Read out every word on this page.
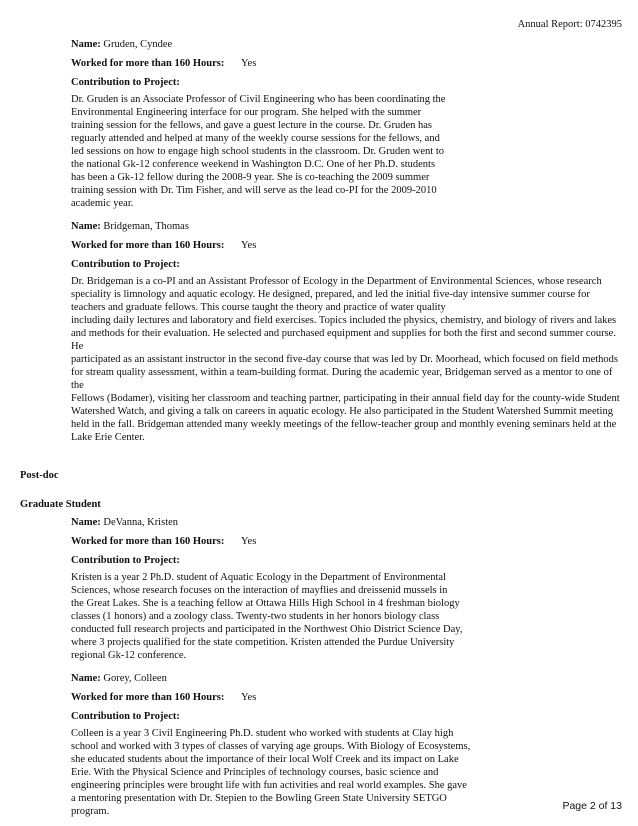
Annual Report: 0742395
Name: Gruden, Cyndee
Worked for more than 160 Hours:	Yes
Contribution to Project:
Dr. Gruden is an Associate Professor of Civil Engineering who has been coordinating the
Environmental Engineering interface for our program. She helped with the summer
training session for the fellows, and gave a guest lecture in the course. Dr. Gruden has
reguarly attended and helped at many of the weekly course sessions for the fellows, and
led sessions on how to engage high school students in the classroom. Dr. Gruden went to
the national Gk-12 conference weekend in Washington D.C. One of her Ph.D. students
has been a Gk-12 fellow during the 2008-9 year. She is co-teaching the 2009 summer
training session with Dr. Tim Fisher, and will serve as the lead co-PI for the 2009-2010
academic year.
Name: Bridgeman, Thomas
Worked for more than 160 Hours:	Yes
Contribution to Project:
Dr. Bridgeman is a co-PI and an Assistant Professor of Ecology in the Department of Environmental Sciences, whose research
speciality is limnology and aquatic ecology. He designed, prepared, and led the initial five-day intensive summer course for
teachers and graduate fellows. This course taught the theory and practice of water quality
including daily lectures and laboratory and field exercises. Topics included the physics, chemistry, and biology of rivers and lakes
and methods for their evaluation. He selected and purchased equipment and supplies for both the first and second summer course.
He
participated as an assistant instructor in the second five-day course that was led by Dr. Moorhead, which focused on field methods
for stream quality assessment, within a team-building format. During the academic year, Bridgeman served as a mentor to one of
the
Fellows (Bodamer), visiting her classroom and teaching partner, participating in their annual field day for the county-wide Student
Watershed Watch, and giving a talk on careers in aquatic ecology. He also participated in the Student Watershed Summit meeting
held in the fall. Bridgeman attended many weekly meetings of the fellow-teacher group and monthly evening seminars held at the
Lake Erie Center.
Post-doc
Graduate Student
Name: DeVanna, Kristen
Worked for more than 160 Hours:	Yes
Contribution to Project:
Kristen is a year 2 Ph.D. student of Aquatic Ecology in the Department of Environmental
Sciences, whose research focuses on the interaction of mayflies and dreissenid mussels in
the Great Lakes. She is a teaching fellow at Ottawa Hills High School in 4 freshman biology
classes (1 honors) and a zoology class. Twenty-two students in her honors biology class
conducted full research projects and participated in the Northwest Ohio District Science Day,
where 3 projects qualified for the state competition. Kristen attended the Purdue University
regional Gk-12 conference.
Name: Gorey, Colleen
Worked for more than 160 Hours:	Yes
Contribution to Project:
Colleen is a year 3 Civil Engineering Ph.D. student who worked with students at Clay high
school and worked with 3 types of classes of varying age groups. With Biology of Ecosystems,
she educated students about the importance of their local Wolf Creek and its impact on Lake
Erie. With the Physical Science and Principles of technology courses, basic science and
engineering principles were brought life with fun activities and real world examples. She gave
a mentoring presentation with Dr. Stepien to the Bowling Green State University SETGO
program.	Page 2 of 13
